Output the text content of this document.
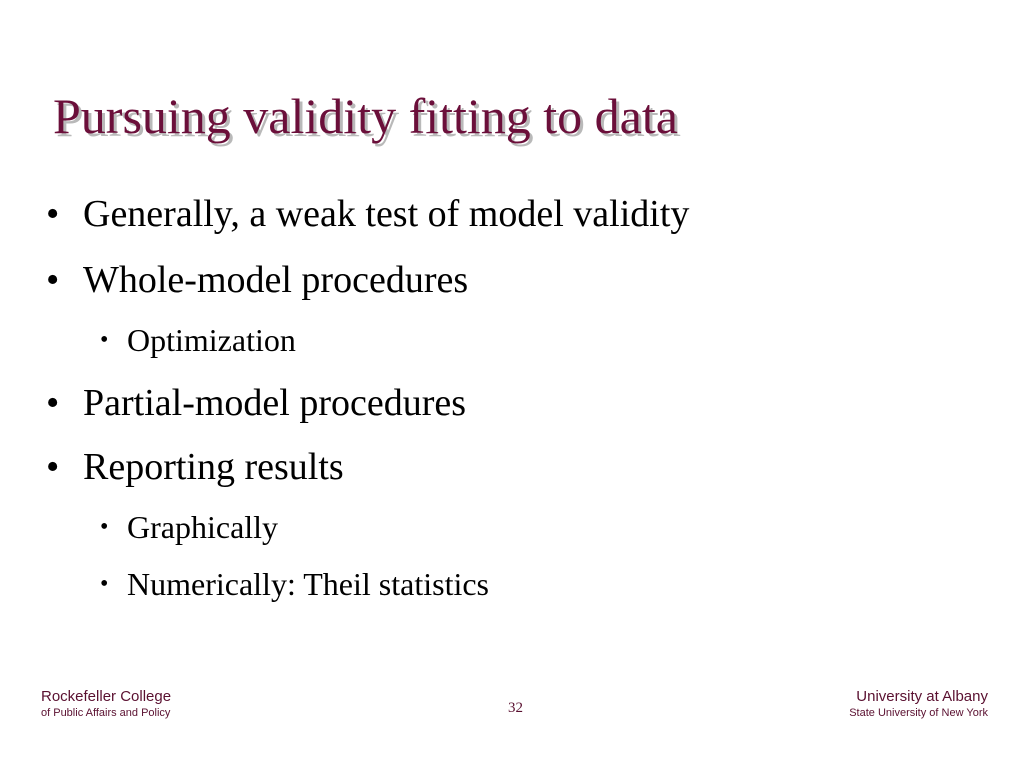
Pursuing validity fitting to data
• Generally, a weak test of model validity
• Whole-model procedures
• Optimization
• Partial-model procedures
• Reporting results
• Graphically
• Numerically: Theil statistics
Rockefeller College
of Public Affairs and Policy	32
University at Albany
State University of New York
